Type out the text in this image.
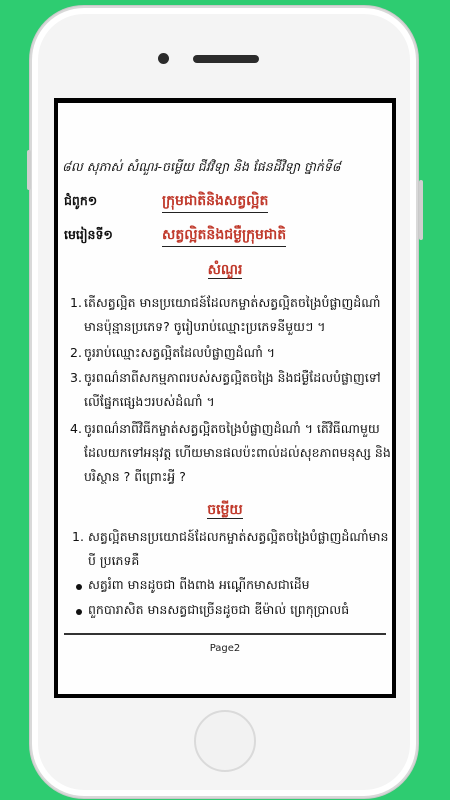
៨ល សុភាស់ សំណួរ-ចម្លើយ ជីវវិទ្យា និង ផែនដីវិទ្យា ថ្នាក់ទី៨
ជំពូក១	ក្រុមជាតិនិងសត្វល្អិត
មេរៀនទី១	សត្វល្អិតនិងជម្ងឺក្រុមជាតិ
សំណួរ
1. តើសត្វល្អិត មានប្រយោជន៍ដែលកម្ចាត់សត្វល្អិតចង្រៃបំផ្លាញដំណាំ
មានប៉ុន្មានប្រភេទ? ចូរៀបរាប់ឈ្មោះប្រភេទនីមួយៗ ។
2. ចូររាប់ឈ្មោះសត្វល្អិតដែលបំផ្លាញដំណាំ ។
3. ចូរពណ៌នាពីសកម្មភាពរបស់សត្វល្អិតចង្រៃ និងជម្ងឺដែលបំផ្លាញទៅ
លើផ្នែកផ្សេងៗរបស់ដំណាំ ។
4. ចូរពណ៌នាពីវិធីកម្ចាត់សត្វល្អិតចង្រៃបំផ្លាញដំណាំ ។ តើវិធីណាមួយ
ដែលយកទៅអនុវត្ត ហើយមានផលប៉ះពាល់ដល់សុខភាពមនុស្ស និង
បរិស្ថាន ? ពីព្រោះអ្វី ?
ចម្លើយ
1. សត្វល្អិតមានប្រយោជន៍ដែលកម្ចាត់សត្វល្អិតចង្រៃបំផ្លាញដំណាំមាន
បី ប្រភេទគឺ
សត្វរំពា មានដូចជា ពីងពាង អណ្ដើកមាសជាដើម
ពួកបារាសិត មានសត្វជាច្រើនដូចជា ឌីម៉ាល់ ព្រេកុប្រាលធំ
Page2
